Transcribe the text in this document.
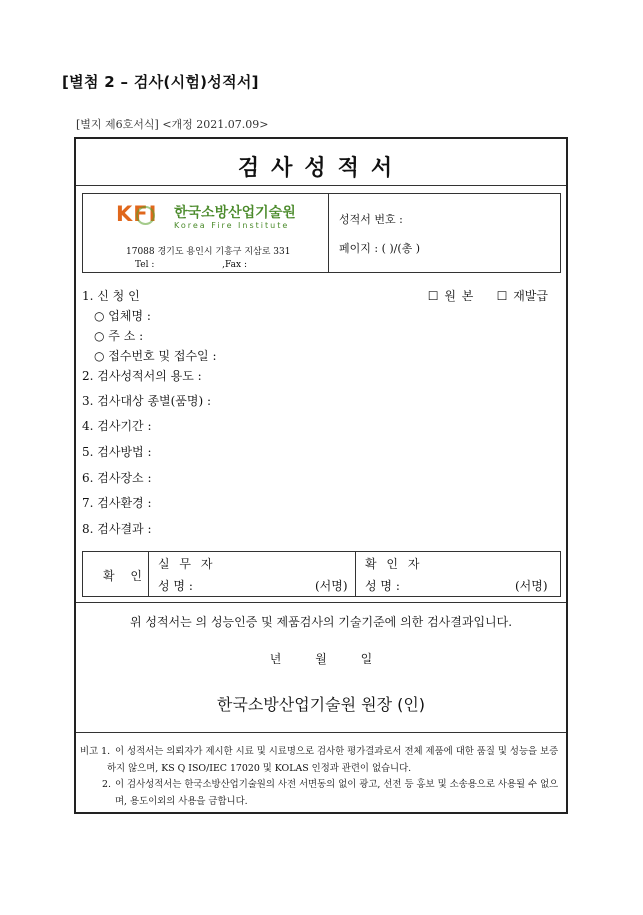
[별첨 2 – 검사(시험)성적서]
[별지 제6호서식] <개정 2021.07.09>
검사성적서
KFI 한국소방산업기술원
Korea Fire Institute
17088 경기도 용인시 기흥구 지삼로 331
Tel :	,Fax :
성적서 번호 :
페이지 : ( )/(총 )
☐ 원 본 ☐ 재발급
1. 신 청 인
○ 업체명 :
○ 주 소 :
○ 접수번호 및 접수일 :
2. 검사성적서의 용도 :
3. 검사대상 종별(품명) :
4. 검사기간 :
5. 검사방법 :
6. 검사장소 :
7. 검사환경 :
8. 검사결과 :
확 인
실 무 자
성 명 :	(서명)
확 인 자
성 명 :	(서명)
위 성적서는 의 성능인증 및 제품검사의 기술기준에 의한 검사결과입니다.
년 월 일
한국소방산업기술원 원장 (인)
비고 1. 이 성적서는 의뢰자가 제시한 시료 및 시료명으로 검사한 평가결과로서 전체 제품에 대한 품질 및 성능을 보증하지 않으며, KS Q ISO/IEC 17020 및 KOLAS 인정과 관련이 없습니다.
2. 이 검사성적서는 한국소방산업기술원의 사전 서면동의 없이 광고, 선전 등 홍보 및 소송용으로 사용될 수 없으며, 용도이외의 사용을 금합니다.
